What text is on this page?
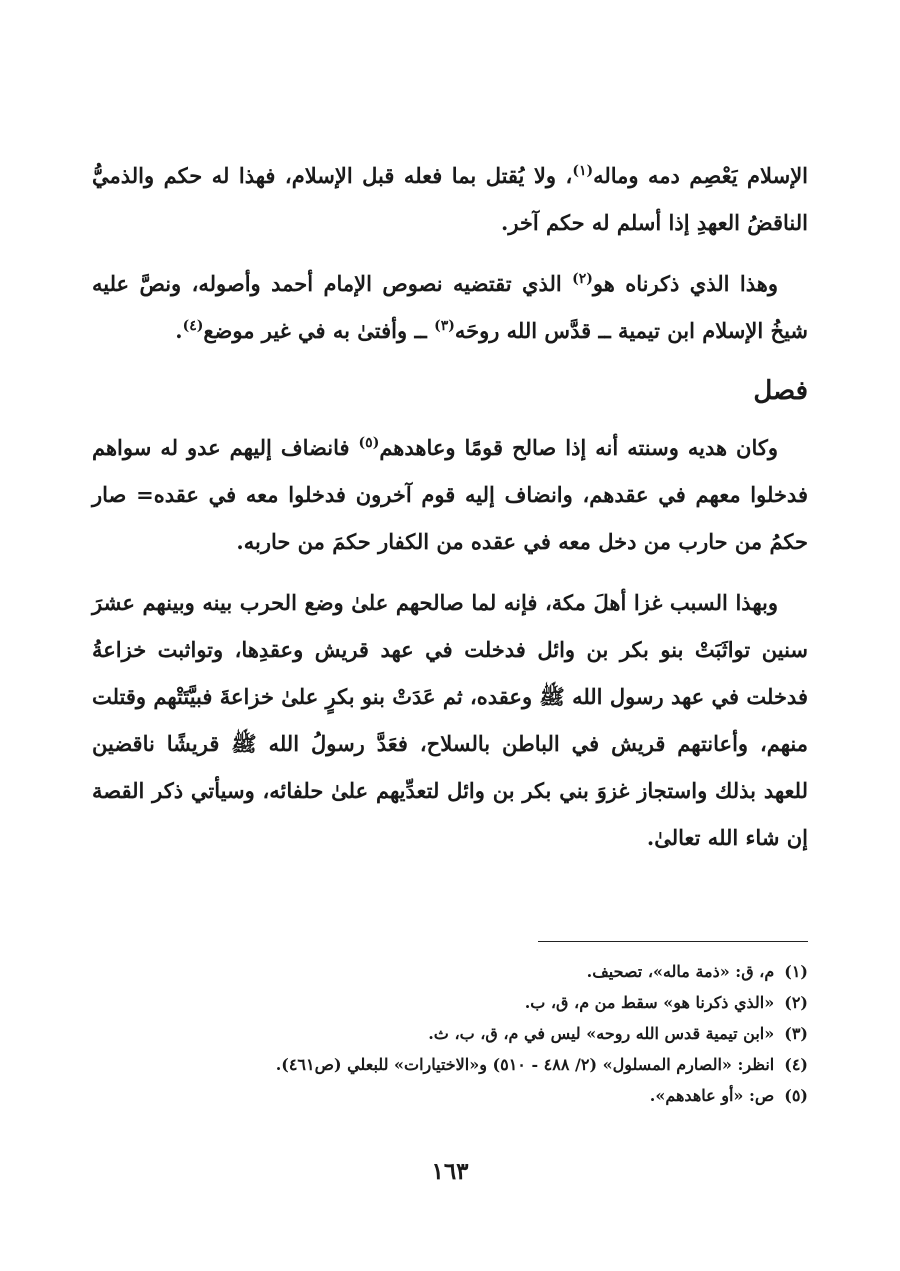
الإسلام يَعْصِم دمه وماله$^{(١)}$، ولا يُقتل بما فعله قبل الإسلام، فهذا له حكم والذميُّ الناقضُ العهدِ إذا أسلم له حكم آخر.

وهذا الذي ذكرناه هو$^{(٢)}$ الذي تقتضيه نصوص الإمام أحمد وأصوله، ونصَّ عليه شيخُ الإسلام ابن تيمية ــ قدَّس الله روحَه$^{(٣)}$ ــ وأفتىٰ به في غير موضع$^{(٤)}$.

فصل

وكان هديه وسنته أنه إذا صالح قومًا وعاهدهم$^{(٥)}$ فانضاف إليهم عدو له سواهم فدخلوا معهم في عقدهم، وانضاف إليه قوم آخرون فدخلوا معه في عقده= صار حكمُ من حارب من دخل معه في عقده من الكفار حكمَ من حاربه.

وبهذا السبب غزا أهلَ مكة، فإنه لما صالحهم علىٰ وضع الحرب بينه وبينهم عشرَ سنين تواثَبَتْ بنو بكر بن وائل فدخلت في عهد قريش وعقدِها، وتواثبت خزاعةُ فدخلت في عهد رسول الله ﷺ وعقده، ثم عَدَتْ بنو بكرٍ علىٰ خزاعةَ فبيَّتَتْهم وقتلت منهم، وأعانتهم قريش في الباطن بالسلاح، فعَدَّ رسولُ الله ﷺ قريشًا ناقضين للعهد بذلك واستجاز غزوَ بني بكر بن وائل لتعدِّيهم علىٰ حلفائه، وسيأتي ذكر القصة إن شاء الله تعالىٰ.

(١)م، ق: «ذمة ماله»، تصحيف.

(٢)«الذي ذكرنا هو» سقط من م، ق، ب.

(٣)«ابن تيمية قدس الله روحه» ليس في م، ق، ب، ث.

(٤)انظر: «الصارم المسلول» (٢/ ٤٨٨ - ٥١٠) و«الاختيارات» للبعلي (ص٤٦١).

(٥)ص: «أو عاهدهم».

١٦٣
